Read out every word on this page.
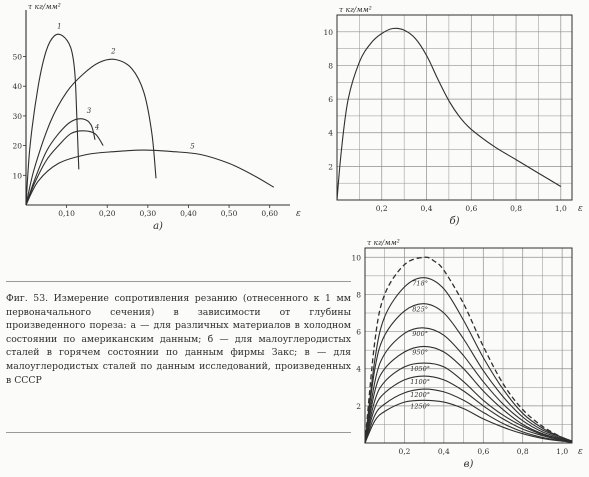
0,10	0,20	0,30	0,40	0,50	0,60
10
20
30
40
50
τ кг/мм²
ε
а)
1
2
3
4
5
0,2	0,4	0,6	0,8	1,0
2
4
6
8
10
τ кг/мм²
ε
б)
0,2	0,4	0,6	0,8	1,0
2
4
6
8
10
τ кг/мм²
ε
в)
718°
825°
900°
950°
1050°
1100°
1200°
1250°
Фиг. 53. Измерение сопротивления резанию (отнесенного к 1 мм первоначального сечения) в зависимости от глубины произведенного пореза: а — для различных материалов в холодном состоянии по американским данным; б — для малоуглеродистых сталей в горячем состоянии по данным фирмы Закс; в — для малоуглеродистых сталей по данным исследований, произведенных в СССР
